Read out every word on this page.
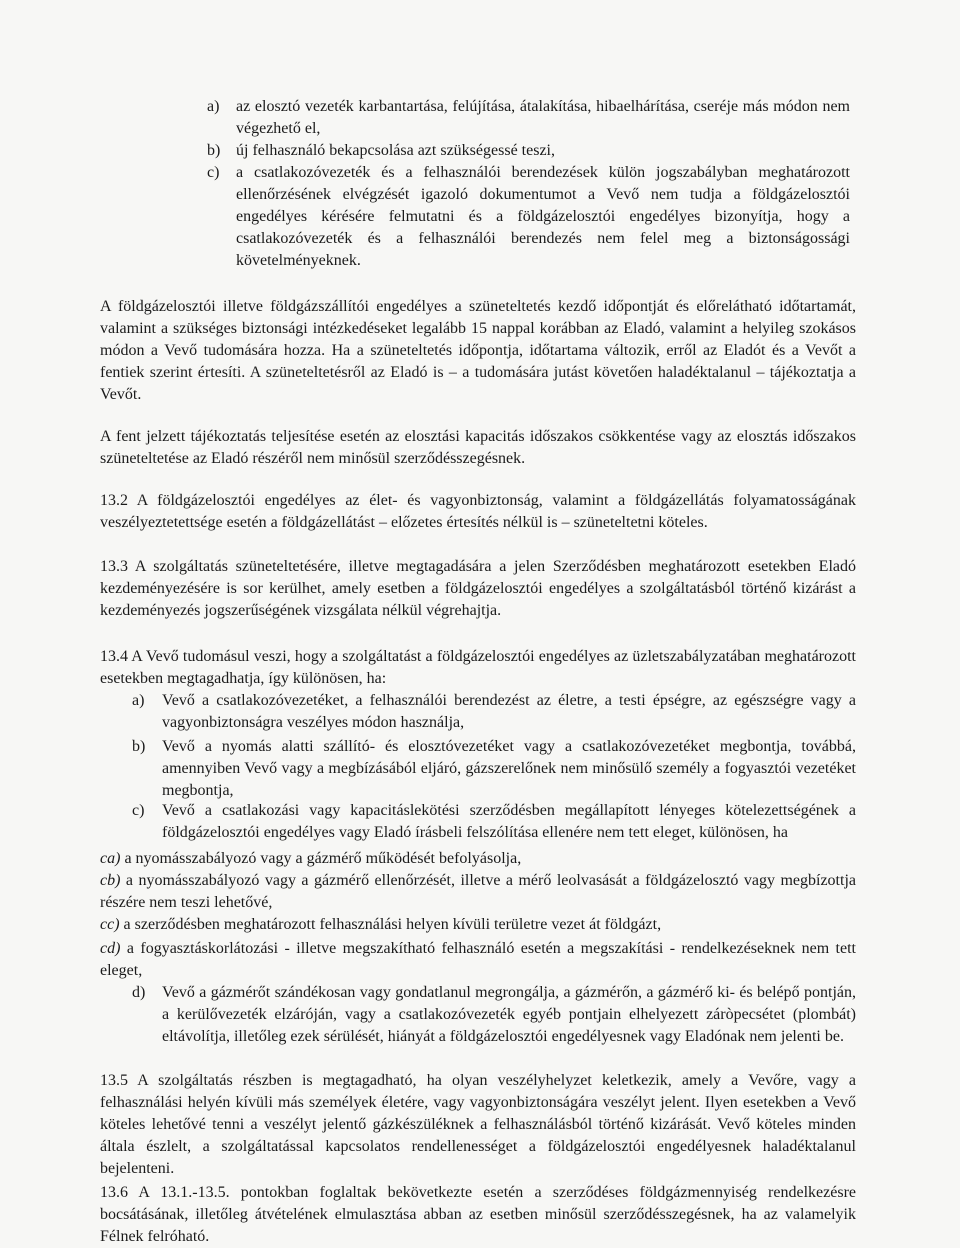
a) az elosztó vezeték karbantartása, felújítása, átalakítása, hibaelhárítása, cseréje más módon nem végezhető el,

b) új felhasználó bekapcsolása azt szükségessé teszi,

c) a csatlakozóvezeték és a felhasználói berendezések külön jogszabályban meghatározott ellenőrzésének elvégzését igazoló dokumentumot a Vevő nem tudja a földgázelosztói engedélyes kérésére felmutatni és a földgázelosztói engedélyes bizonyítja, hogy a csatlakozóvezeték és a felhasználói berendezés nem felel meg a biztonságossági követelményeknek.

A földgázelosztói illetve földgázszállítói engedélyes a szüneteltetés kezdő időpontját és előrelátható időtartamát, valamint a szükséges biztonsági intézkedéseket legalább 15 nappal korábban az Eladó, valamint a helyileg szokásos módon a Vevő tudomására hozza. Ha a szüneteltetés időpontja, időtartama változik, erről az Eladót és a Vevőt a fentiek szerint értesíti. A szüneteltetésről az Eladó is – a tudomására jutást követően haladéktalanul – tájékoztatja a Vevőt.

A fent jelzett tájékoztatás teljesítése esetén az elosztási kapacitás időszakos csökkentése vagy az elosztás időszakos szüneteltetése az Eladó részéről nem minősül szerződésszegésnek.

13.2 A földgázelosztói engedélyes az élet- és vagyonbiztonság, valamint a földgázellátás folyamatosságának veszélyeztetettsége esetén a földgázellátást – előzetes értesítés nélkül is – szüneteltetni köteles.

13.3 A szolgáltatás szüneteltetésére, illetve megtagadására a jelen Szerződésben meghatározott esetekben Eladó kezdeményezésére is sor kerülhet, amely esetben a földgázelosztói engedélyes a szolgáltatásból történő kizárást a kezdeményezés jogszerűségének vizsgálata nélkül végrehajtja.

13.4 A Vevő tudomásul veszi, hogy a szolgáltatást a földgázelosztói engedélyes az üzletszabályzatában meghatározott esetekben megtagadhatja, így különösen, ha:

a) Vevő a csatlakozóvezetéket, a felhasználói berendezést az életre, a testi épségre, az egészségre vagy a vagyonbiztonságra veszélyes módon használja,

b) Vevő a nyomás alatti szállító- és elosztóvezetéket vagy a csatlakozóvezetéket megbontja, továbbá, amennyiben Vevő vagy a megbízásából eljáró, gázszerelőnek nem minősülő személy a fogyasztói vezetéket megbontja,

c) Vevő a csatlakozási vagy kapacitáslekötési szerződésben megállapított lényeges kötelezettségének a földgázelosztói engedélyes vagy Eladó írásbeli felszólítása ellenére nem tett eleget, különösen, ha

ca) a nyomásszabályozó vagy a gázmérő működését befolyásolja,

cb) a nyomásszabályozó vagy a gázmérő ellenőrzését, illetve a mérő leolvasását a földgázelosztó vagy megbízottja részére nem teszi lehetővé,

cc) a szerződésben meghatározott felhasználási helyen kívüli területre vezet át földgázt,

cd) a fogyasztáskorlátozási - illetve megszakítható felhasználó esetén a megszakítási - rendelkezéseknek nem tett eleget,

d) Vevő a gázmérőt szándékosan vagy gondatlanul megrongálja, a gázmérőn, a gázmérő ki- és belépő pontján, a kerülővezeték elzáróján, vagy a csatlakozóvezeték egyéb pontjain elhelyezett záròpecsétet (plombát) eltávolítja, illetőleg ezek sérülését, hiányát a földgázelosztói engedélyesnek vagy Eladónak nem jelenti be.

13.5 A szolgáltatás részben is megtagadható, ha olyan veszélyhelyzet keletkezik, amely a Vevőre, vagy a felhasználási helyén kívüli más személyek életére, vagy vagyonbiztonságára veszélyt jelent. Ilyen esetekben a Vevő köteles lehetővé tenni a veszélyt jelentő gázkészüléknek a felhasználásból történő kizárását. Vevő köteles minden általa észlelt, a szolgáltatással kapcsolatos rendellenességet a földgázelosztói engedélyesnek haladéktalanul bejelenteni.

13.6 A 13.1.-13.5. pontokban foglaltak bekövetkezte esetén a szerződéses földgázmennyiség rendelkezésre bocsátásának, illetőleg átvételének elmulasztása abban az esetben minősül szerződésszegésnek, ha az valamelyik Félnek felróható.
